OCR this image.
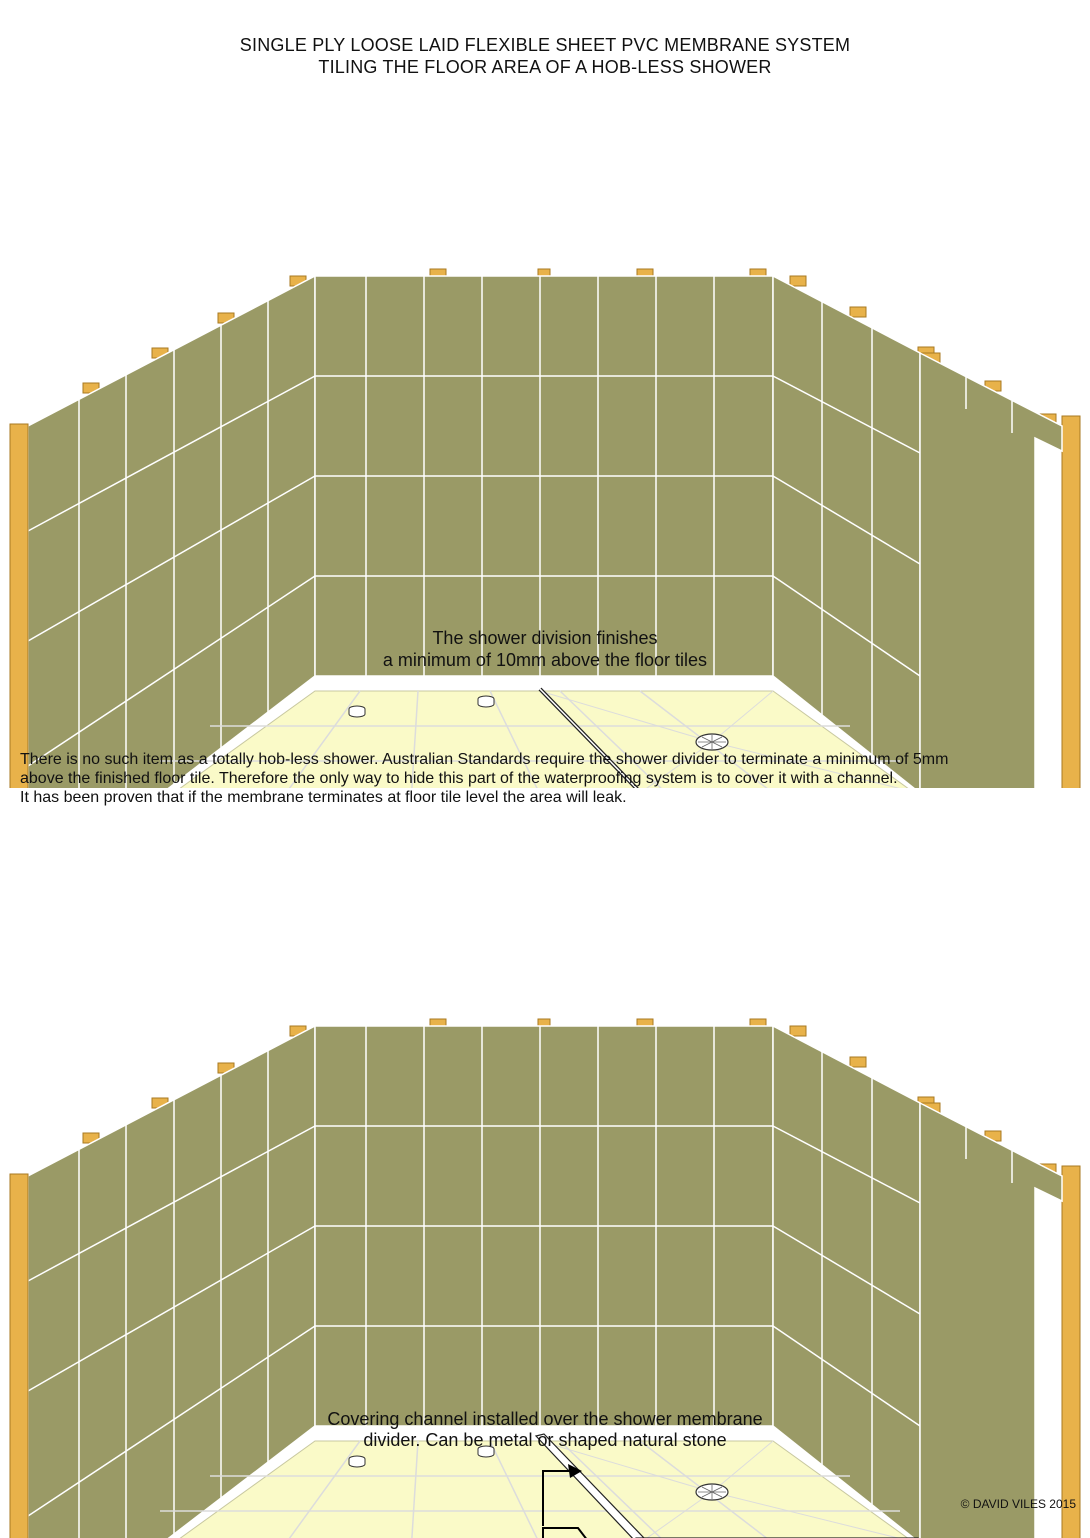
SINGLE PLY LOOSE LAID FLEXIBLE SHEET PVC MEMBRANE SYSTEM
TILING THE FLOOR AREA OF A HOB-LESS SHOWER
The shower division finishes
a minimum of 10mm above the floor tiles
There is no such item as a totally hob-less shower. Australian Standards require the shower divider to terminate a minimum of 5mm
above the finished floor tile. Therefore the only way to hide this part of the waterproofing system is to cover it with a channel.
It has been proven that if the membrane terminates at floor tile level the area will leak.
Covering channel installed over the shower membrane
divider. Can be metal or shaped natural stone
© DAVID VILES 2015
